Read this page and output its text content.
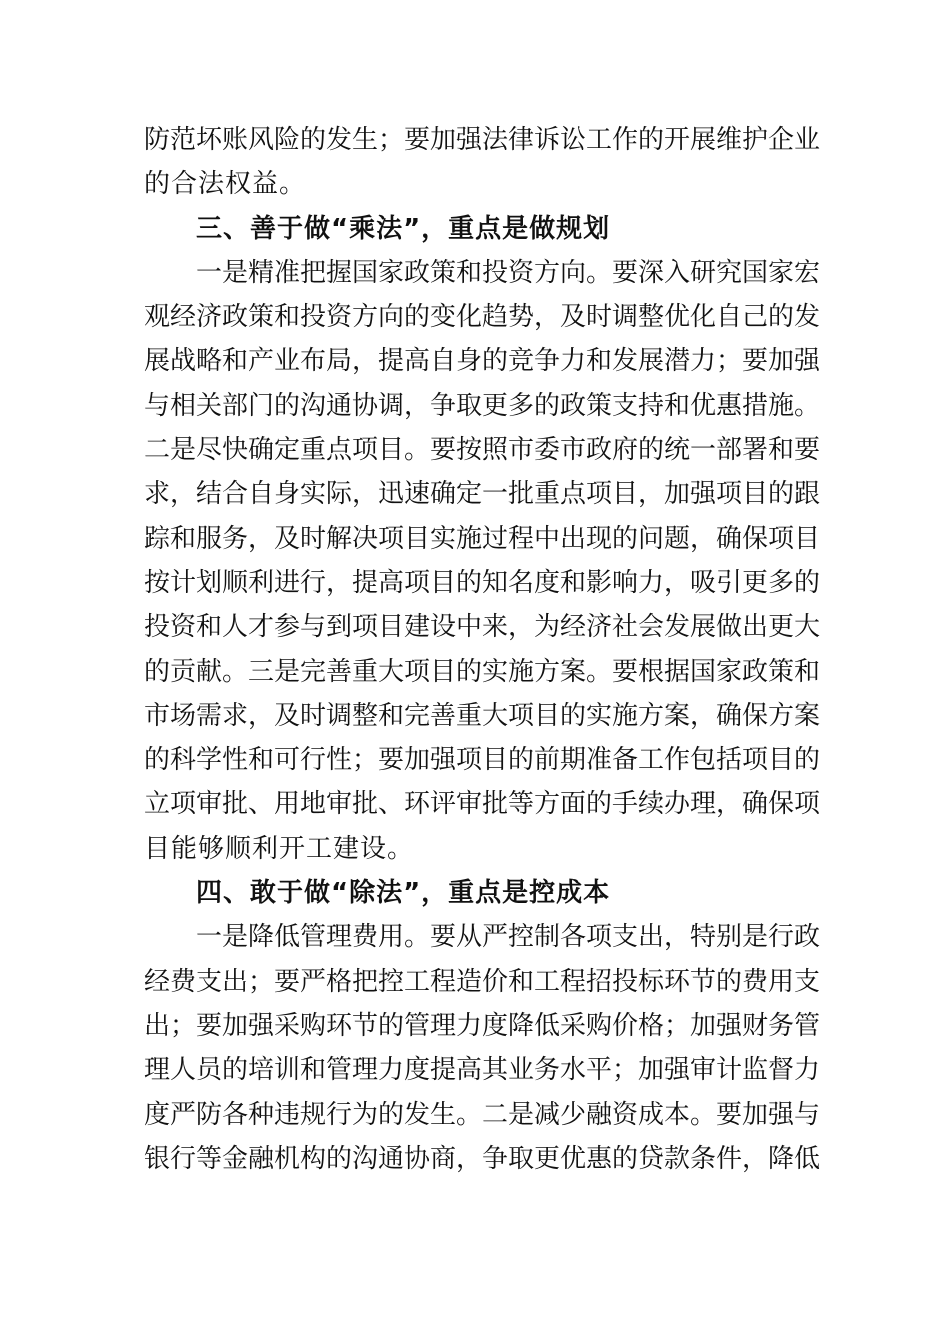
防范坏账风险的发生；要加强法律诉讼工作的开展维护企业
的合法权益。
三、善于做“乘法”，重点是做规划
一是精准把握国家政策和投资方向。要深入研究国家宏
观经济政策和投资方向的变化趋势，及时调整优化自己的发
展战略和产业布局，提高自身的竞争力和发展潜力；要加强
与相关部门的沟通协调，争取更多的政策支持和优惠措施。
二是尽快确定重点项目。要按照市委市政府的统一部署和要
求，结合自身实际，迅速确定一批重点项目，加强项目的跟
踪和服务，及时解决项目实施过程中出现的问题，确保项目
按计划顺利进行，提高项目的知名度和影响力，吸引更多的
投资和人才参与到项目建设中来，为经济社会发展做出更大
的贡献。三是完善重大项目的实施方案。要根据国家政策和
市场需求，及时调整和完善重大项目的实施方案，确保方案
的科学性和可行性；要加强项目的前期准备工作包括项目的
立项审批、用地审批、环评审批等方面的手续办理，确保项
目能够顺利开工建设。
四、敢于做“除法”，重点是控成本
一是降低管理费用。要从严控制各项支出，特别是行政
经费支出；要严格把控工程造价和工程招投标环节的费用支
出；要加强采购环节的管理力度降低采购价格；加强财务管
理人员的培训和管理力度提高其业务水平；加强审计监督力
度严防各种违规行为的发生。二是减少融资成本。要加强与
银行等金融机构的沟通协商，争取更优惠的贷款条件，降低
